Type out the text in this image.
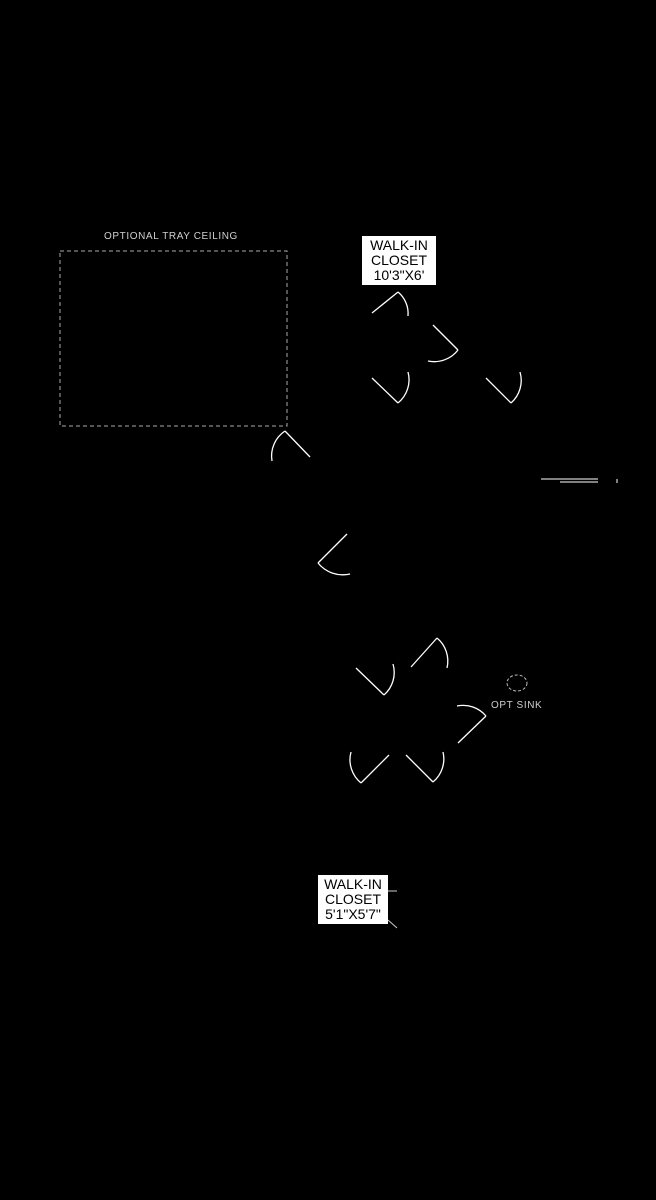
OPTIONAL TRAY CEILING
WALK-IN
CLOSET
10'3"X6'
WALK-IN
CLOSET
5'1"X5'7"
OPT SINK
